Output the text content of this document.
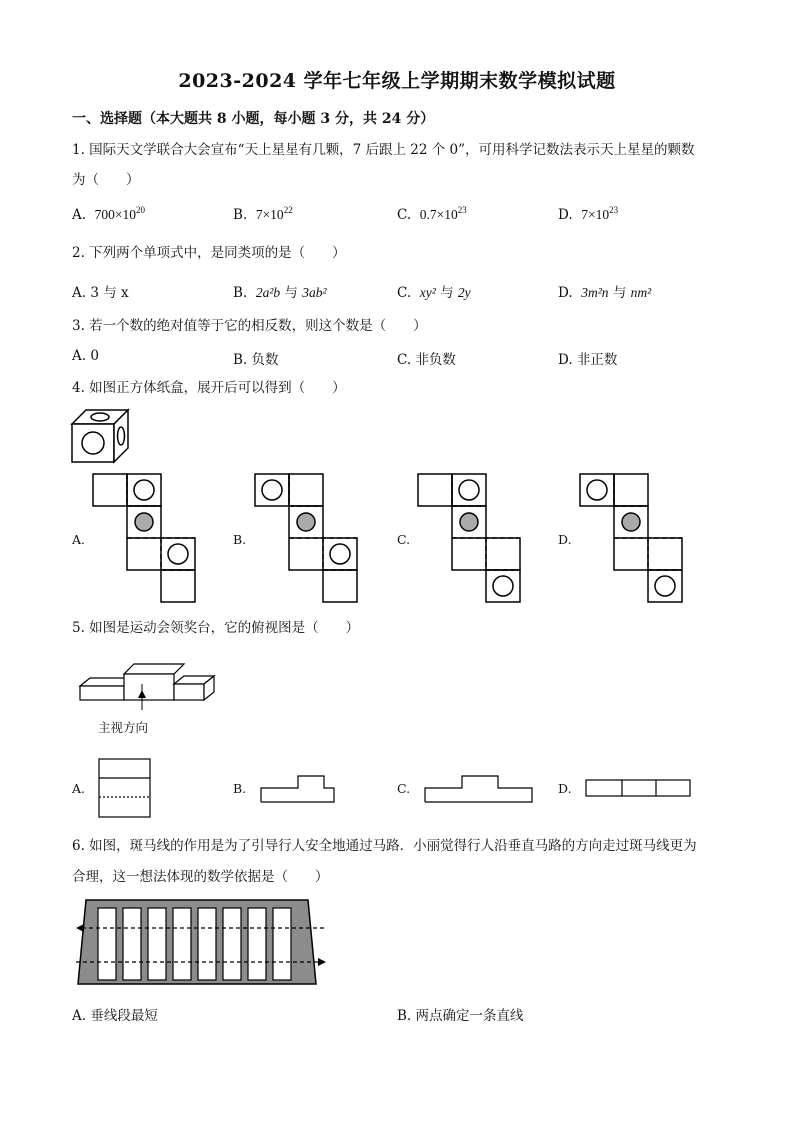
2023-2024 学年七年级上学期期末数学模拟试题
一、选择题（本大题共 8 小题，每小题 3 分，共 24 分）
1. 国际天文学联合大会宣布“天上星星有几颗，7 后跟上 22 个 0”，可用科学记数法表示天上星星的颗数
为（　　）
A. $700\times 10^{20}$	B. $7\times 10^{22}$	C. $0.7\times 10^{23}$	D. $7\times 10^{23}$
2. 下列两个单项式中，是同类项的是（　　）
A. 3 与 x	B. 2a²b 与 3ab²	C. xy² 与 2y	D. 3m²n 与 nm²
3. 若一个数的绝对值等于它的相反数，则这个数是（　　）
A. 0	B. 负数	C. 非负数	D. 非正数
4. 如图正方体纸盒，展开后可以得到（　　）
A.	B.	C.	D.
5. 如图是运动会领奖台，它的俯视图是（　　）
主视方向
A.	B.	C.	D.
6. 如图，斑马线的作用是为了引导行人安全地通过马路．小丽觉得行人沿垂直马路的方向走过斑马线更为
合理，这一想法体现的数学依据是（　　）
A. 垂线段最短	B. 两点确定一条直线
